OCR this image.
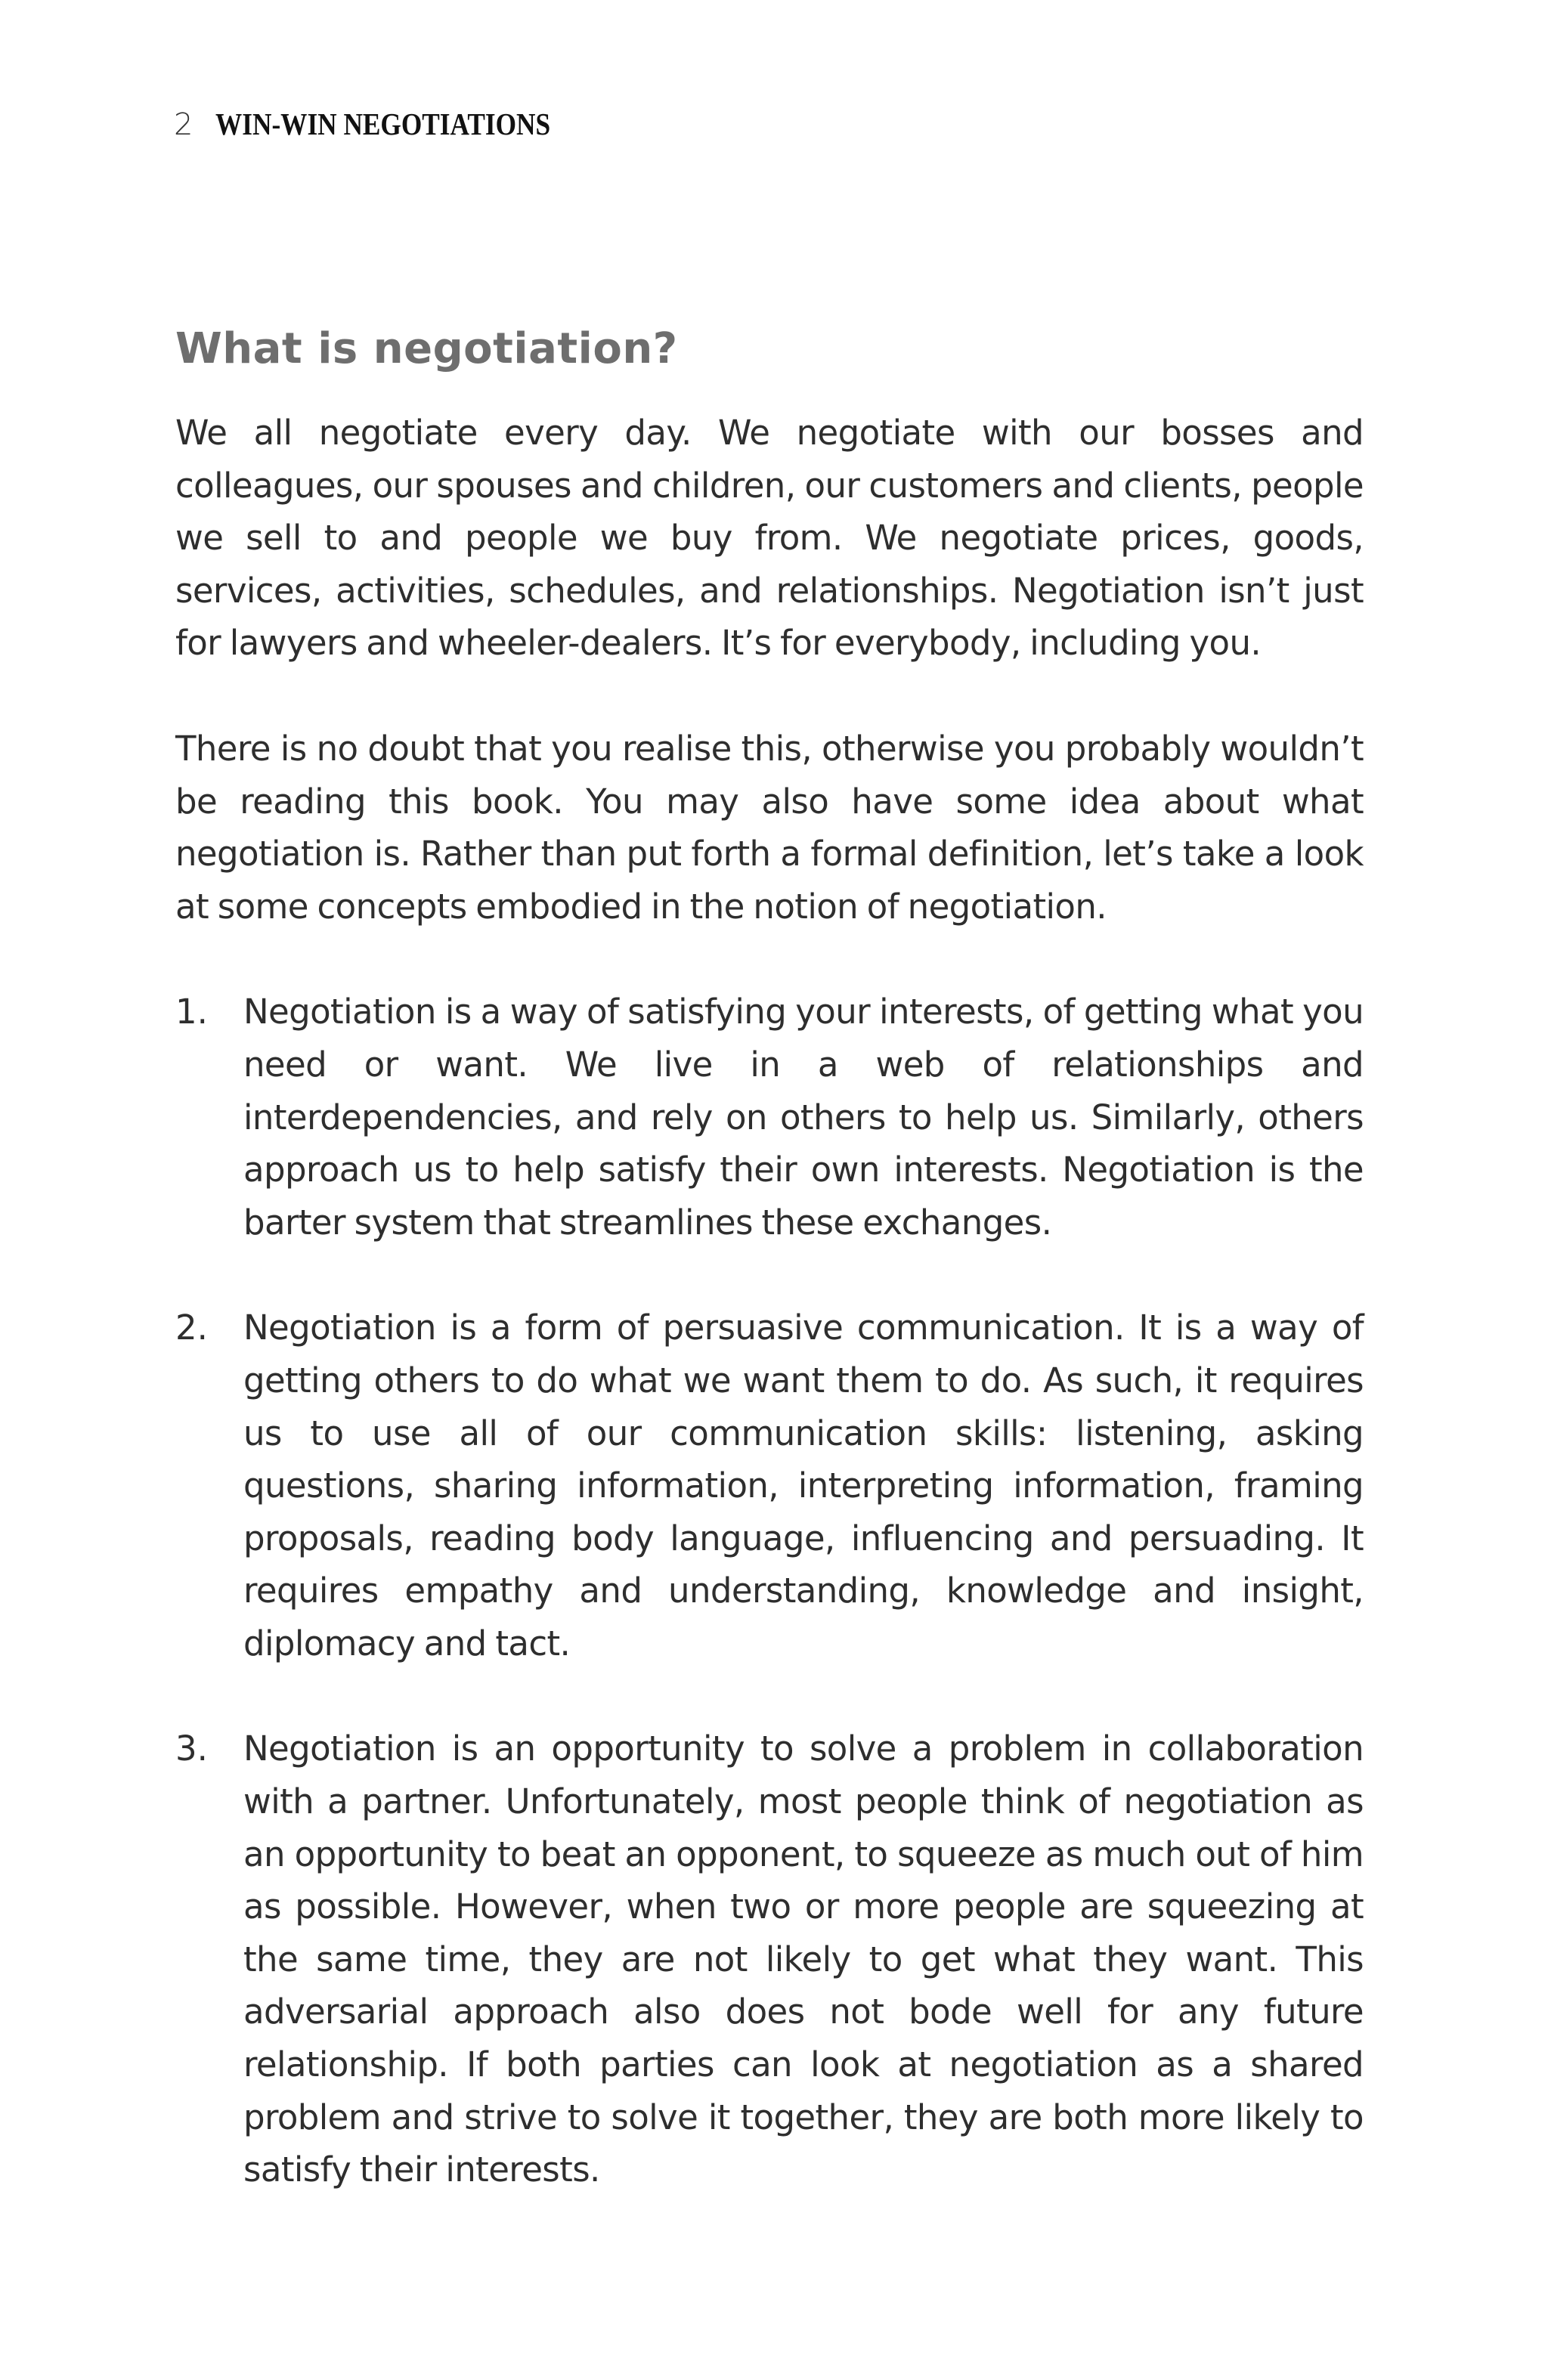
2 WIN-WIN NEGOTIATIONS
What is negotiation?

We all negotiate every day. We negotiate with our bosses and colleagues, our spouses and children, our customers and clients, people we sell to and people we buy from. We negotiate prices, goods, services, activities, schedules, and relationships. Negotiation isn’t just for lawyers and wheeler-dealers. It’s for everybody, including you.

There is no doubt that you realise this, otherwise you probably wouldn’t be reading this book. You may also have some idea about what negotiation is. Rather than put forth a formal definition, let’s take a look at some concepts embodied in the notion of negotiation.

1. Negotiation is a way of satisfying your interests, of getting what you need or want. We live in a web of relationships and interdependencies, and rely on others to help us. Similarly, others approach us to help satisfy their own interests. Negotiation is the barter system that streamlines these exchanges.
2. Negotiation is a form of persuasive communication. It is a way of getting others to do what we want them to do. As such, it requires us to use all of our communication skills: listening, asking questions, sharing information, interpreting information, framing proposals, reading body language, influencing and persuading. It requires empathy and understanding, knowledge and insight, diplomacy and tact.
3. Negotiation is an opportunity to solve a problem in collaboration with a partner. Unfortunately, most people think of negotiation as an opportunity to beat an opponent, to squeeze as much out of him as possible. However, when two or more people are squeezing at the same time, they are not likely to get what they want. This adversarial approach also does not bode well for any future relationship. If both parties can look at negotiation as a shared problem and strive to solve it together, they are both more likely to satisfy their interests.
